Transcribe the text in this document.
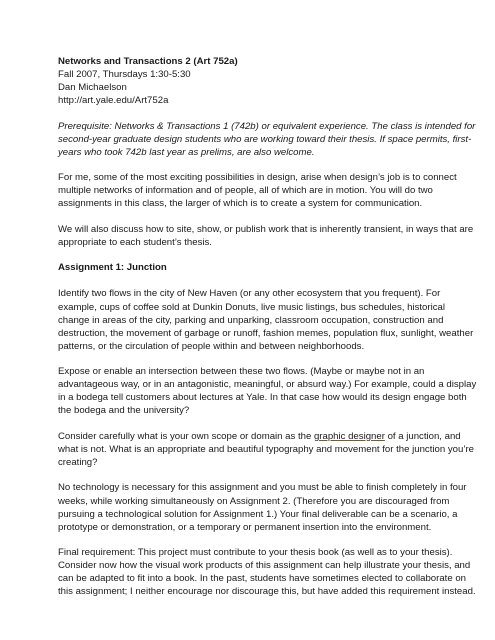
Networks and Transactions 2 (Art 752a)
Fall 2007, Thursdays 1:30-5:30
Dan Michaelson
http://art.yale.edu/Art752a

Prerequisite: Networks & Transactions 1 (742b) or equivalent experience. The class is intended for second-year graduate design students who are working toward their thesis. If space permits, first-years who took 742b last year as prelims, are also welcome.

For me, some of the most exciting possibilities in design, arise when design’s job is to connect multiple networks of information and of people, all of which are in motion. You will do two assignments in this class, the larger of which is to create a system for communication.

We will also discuss how to site, show, or publish work that is inherently transient, in ways that are appropriate to each student’s thesis.

Assignment 1: Junction

Identify two flows in the city of New Haven (or any other ecosystem that you frequent). For example, cups of coffee sold at Dunkin Donuts, live music listings, bus schedules, historical change in areas of the city, parking and unparking, classroom occupation, construction and destruction, the movement of garbage or runoff, fashion memes, population flux, sunlight, weather patterns, or the circulation of people within and between neighborhoods.

Expose or enable an intersection between these two flows. (Maybe or maybe not in an advantageous way, or in an antagonistic, meaningful, or absurd way.) For example, could a display in a bodega tell customers about lectures at Yale. In that case how would its design engage both the bodega and the university?

Consider carefully what is your own scope or domain as the graphic designer of a junction, and what is not. What is an appropriate and beautiful typography and movement for the junction you’re creating?

No technology is necessary for this assignment and you must be able to finish completely in four weeks, while working simultaneously on Assignment 2. (Therefore you are discouraged from pursuing a technological solution for Assignment 1.) Your final deliverable can be a scenario, a prototype or demonstration, or a temporary or permanent insertion into the environment.

Final requirement: This project must contribute to your thesis book (as well as to your thesis). Consider now how the visual work products of this assignment can help illustrate your thesis, and can be adapted to fit into a book. In the past, students have sometimes elected to collaborate on this assignment; I neither encourage nor discourage this, but have added this requirement instead.
